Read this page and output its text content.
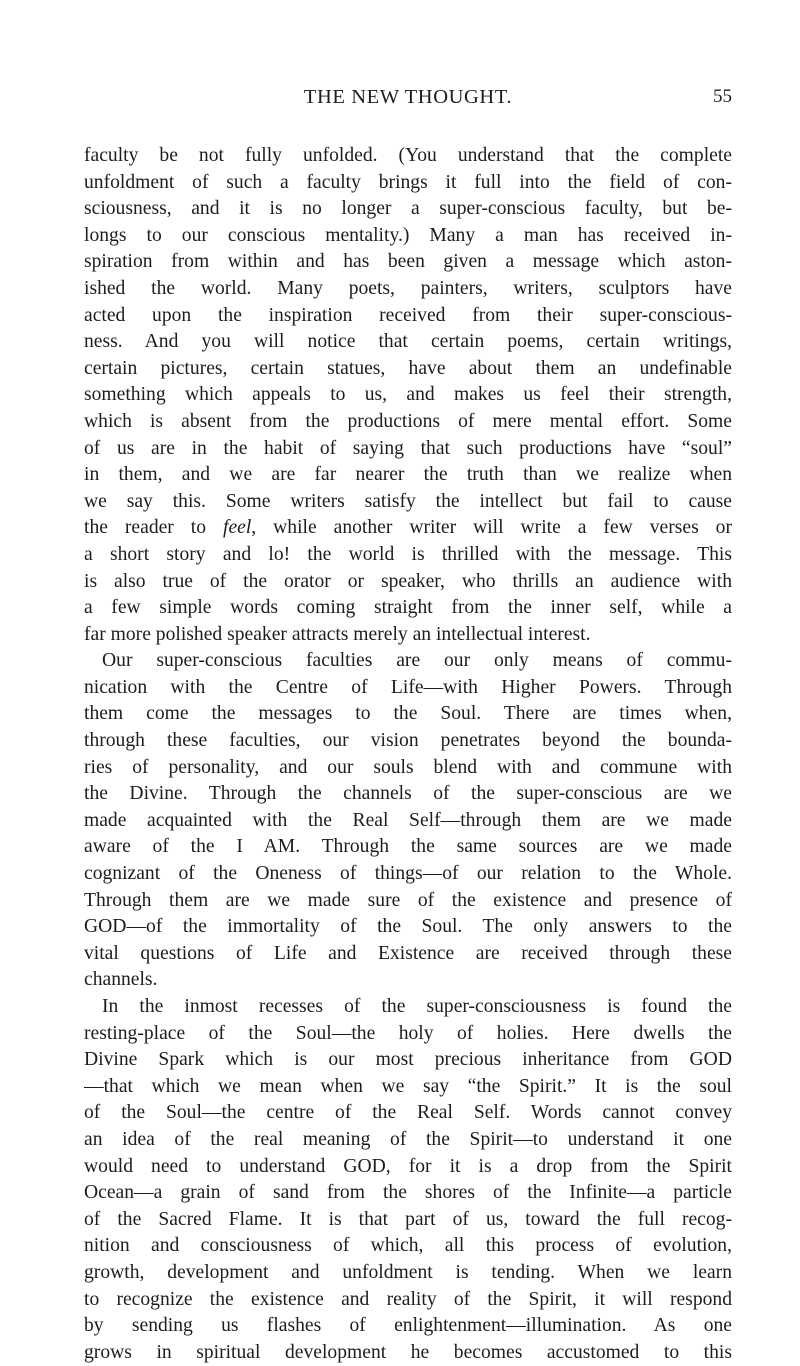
THE NEW THOUGHT.	55
faculty be not fully unfolded. (You understand that the complete
unfoldment of such a faculty brings it full into the field of con-
sciousness, and it is no longer a super-conscious faculty, but be-
longs to our conscious mentality.) Many a man has received in-
spiration from within and has been given a message which aston-
ished the world. Many poets, painters, writers, sculptors have
acted upon the inspiration received from their super-conscious-
ness. And you will notice that certain poems, certain writings,
certain pictures, certain statues, have about them an undefinable
something which appeals to us, and makes us feel their strength,
which is absent from the productions of mere mental effort. Some
of us are in the habit of saying that such productions have “soul”
in them, and we are far nearer the truth than we realize when
we say this. Some writers satisfy the intellect but fail to cause
the reader to feel, while another writer will write a few verses or
a short story and lo! the world is thrilled with the message. This
is also true of the orator or speaker, who thrills an audience with
a few simple words coming straight from the inner self, while a
far more polished speaker attracts merely an intellectual interest.
Our super-conscious faculties are our only means of commu-
nication with the Centre of Life—with Higher Powers. Through
them come the messages to the Soul. There are times when,
through these faculties, our vision penetrates beyond the bounda-
ries of personality, and our souls blend with and commune with
the Divine. Through the channels of the super-conscious are we
made acquainted with the Real Self—through them are we made
aware of the I AM. Through the same sources are we made
cognizant of the Oneness of things—of our relation to the Whole.
Through them are we made sure of the existence and presence of
GOD—of the immortality of the Soul. The only answers to the
vital questions of Life and Existence are received through these
channels.
In the inmost recesses of the super-consciousness is found the
resting-place of the Soul—the holy of holies. Here dwells the
Divine Spark which is our most precious inheritance from GOD
—that which we mean when we say “the Spirit.” It is the soul
of the Soul—the centre of the Real Self. Words cannot convey
an idea of the real meaning of the Spirit—to understand it one
would need to understand GOD, for it is a drop from the Spirit
Ocean—a grain of sand from the shores of the Infinite—a particle
of the Sacred Flame. It is that part of us, toward the full recog-
nition and consciousness of which, all this process of evolution,
growth, development and unfoldment is tending. When we learn
to recognize the existence and reality of the Spirit, it will respond
by sending us flashes of enlightenment—illumination. As one
grows in spiritual development he becomes accustomed to this
